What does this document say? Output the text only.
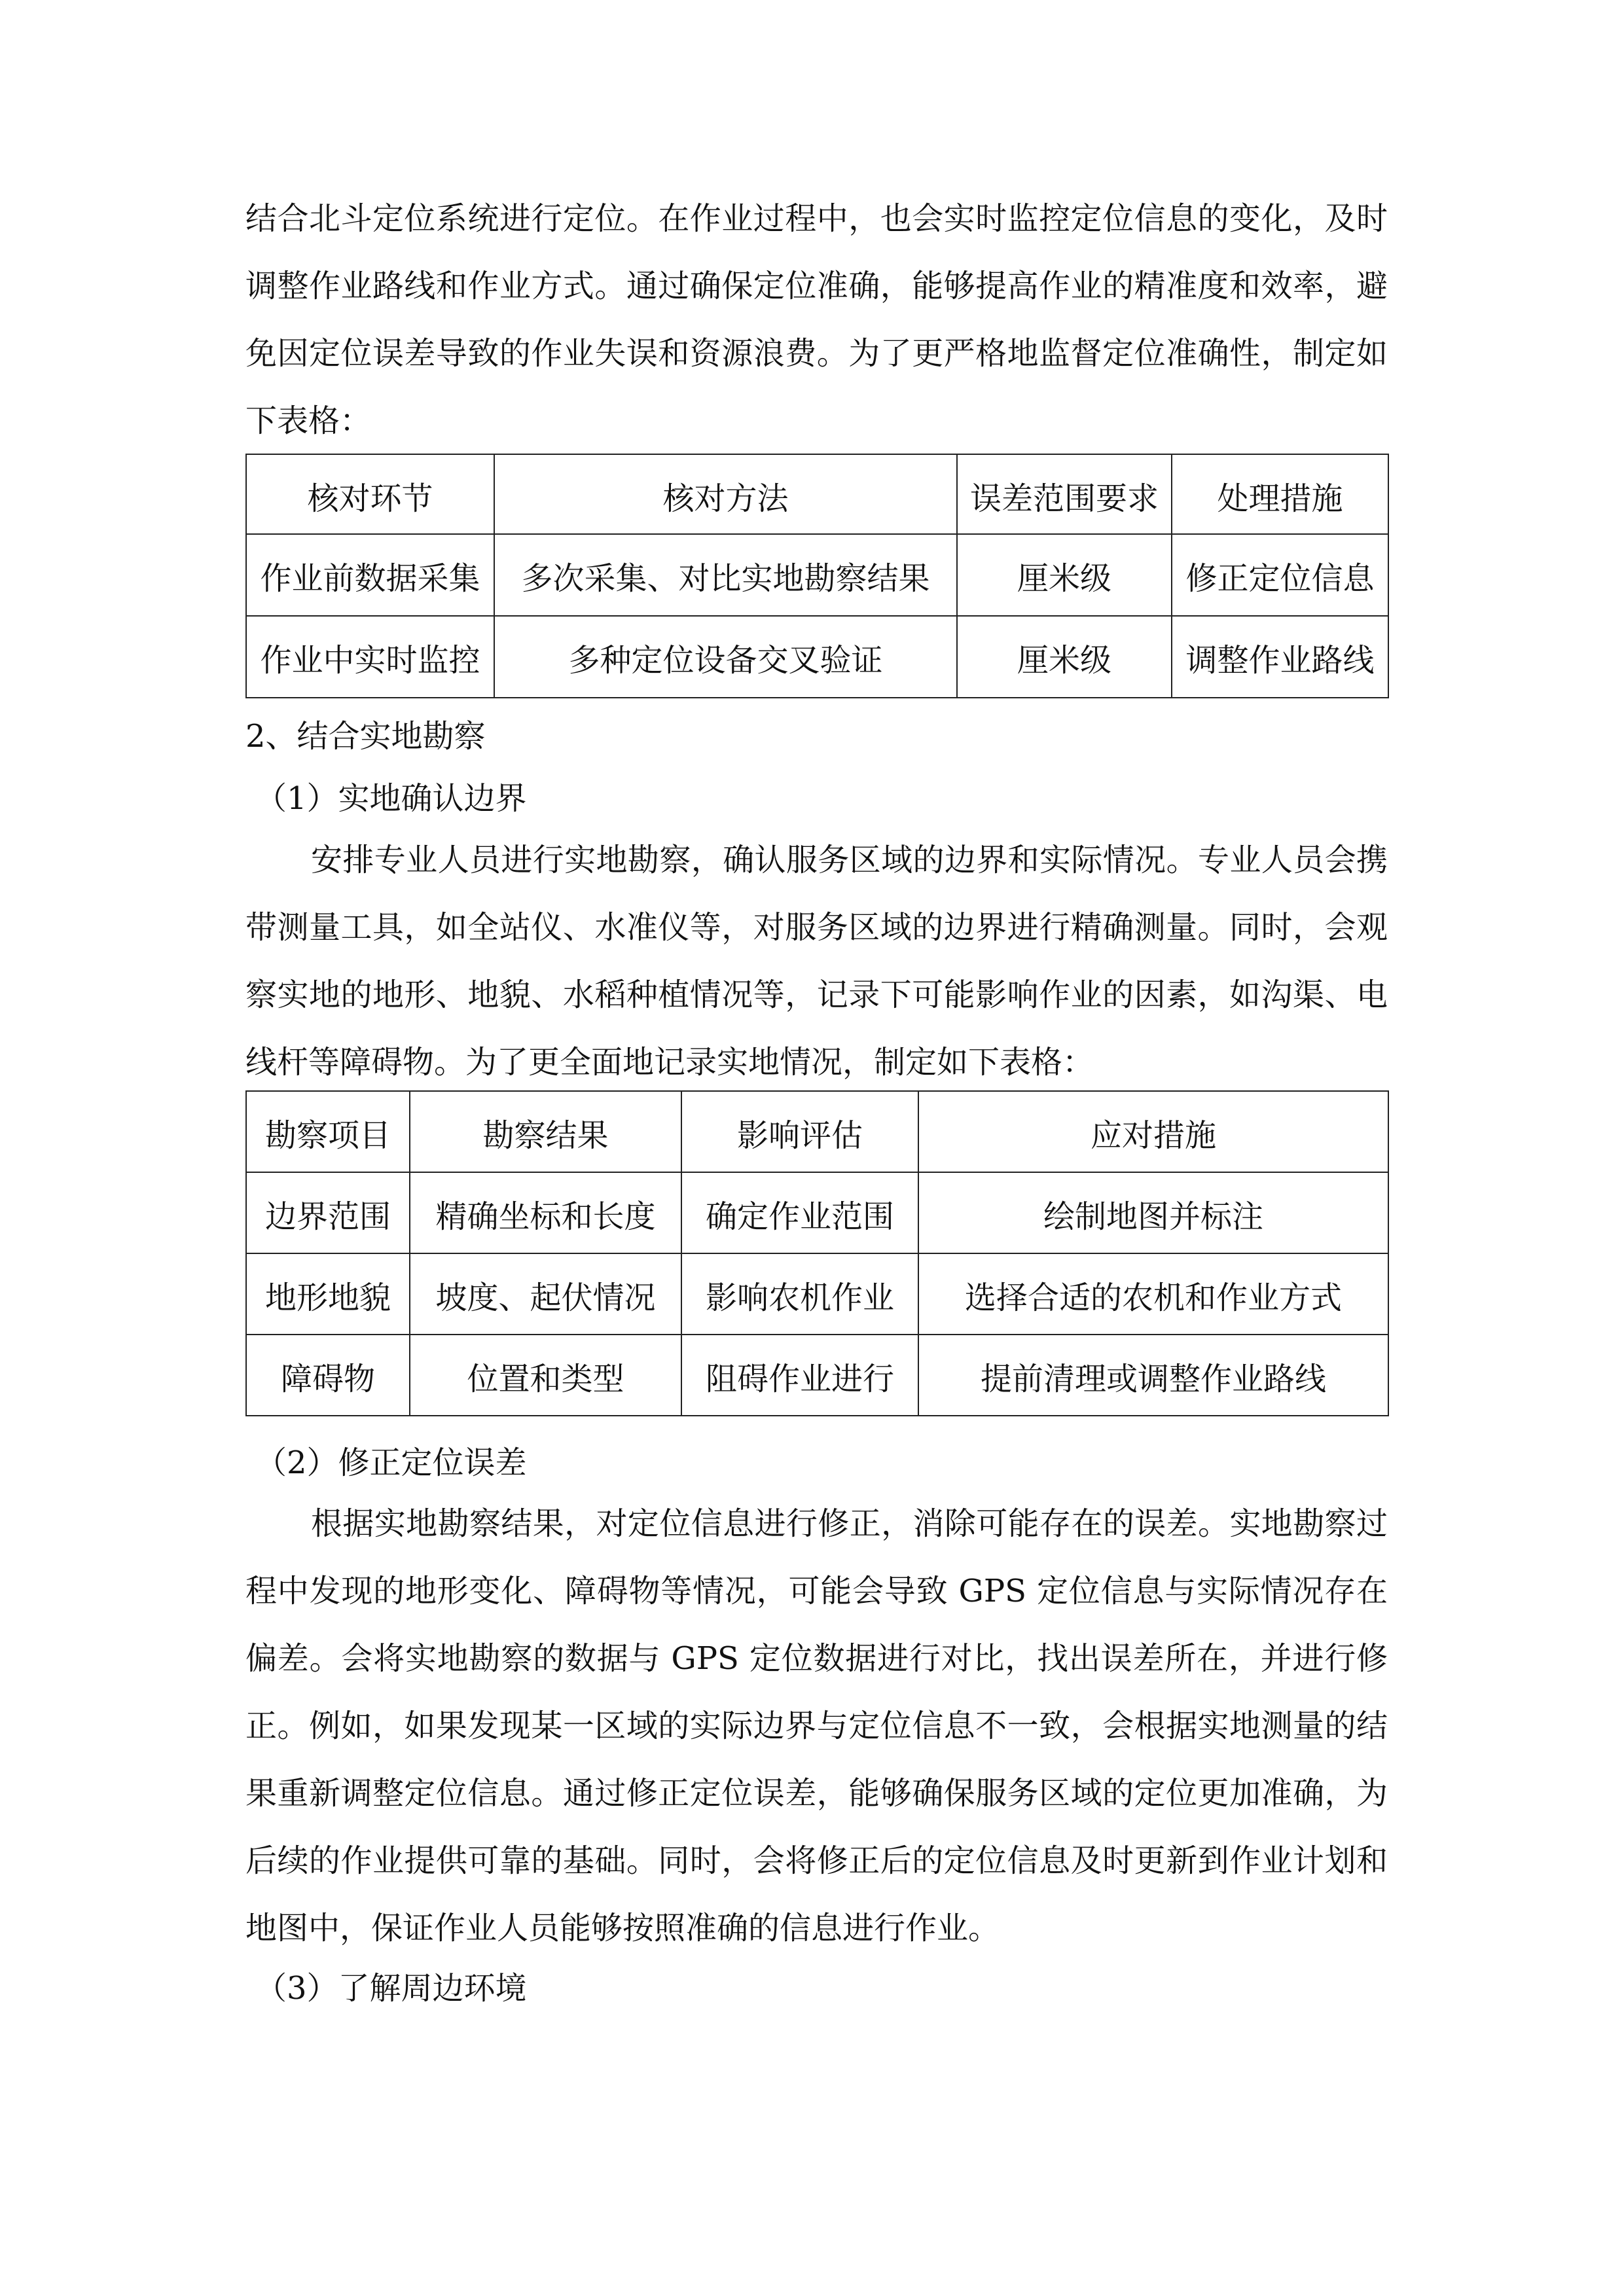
结合北斗定位系统进行定位。在作业过程中，也会实时监控定位信息的变化，及时调整作业路线和作业方式。通过确保定位准确，能够提高作业的精准度和效率，避免因定位误差导致的作业失误和资源浪费。为了更严格地监督定位准确性，制定如下表格：

核对环节	核对方法	误差范围要求	处理措施
作业前数据采集	多次采集、对比实地勘察结果	厘米级	修正定位信息
作业中实时监控	多种定位设备交叉验证	厘米级	调整作业路线

2、结合实地勘察

（1）实地确认边界

安排专业人员进行实地勘察，确认服务区域的边界和实际情况。专业人员会携带测量工具，如全站仪、水准仪等，对服务区域的边界进行精确测量。同时，会观察实地的地形、地貌、水稻种植情况等，记录下可能影响作业的因素，如沟渠、电线杆等障碍物。为了更全面地记录实地情况，制定如下表格：

勘察项目	勘察结果	影响评估	应对措施
边界范围	精确坐标和长度	确定作业范围	绘制地图并标注
地形地貌	坡度、起伏情况	影响农机作业	选择合适的农机和作业方式
障碍物	位置和类型	阻碍作业进行	提前清理或调整作业路线

（2）修正定位误差

根据实地勘察结果，对定位信息进行修正，消除可能存在的误差。实地勘察过程中发现的地形变化、障碍物等情况，可能会导致 GPS 定位信息与实际情况存在偏差。会将实地勘察的数据与 GPS 定位数据进行对比，找出误差所在，并进行修正。例如，如果发现某一区域的实际边界与定位信息不一致，会根据实地测量的结果重新调整定位信息。通过修正定位误差，能够确保服务区域的定位更加准确，为后续的作业提供可靠的基础。同时，会将修正后的定位信息及时更新到作业计划和地图中，保证作业人员能够按照准确的信息进行作业。

（3）了解周边环境
